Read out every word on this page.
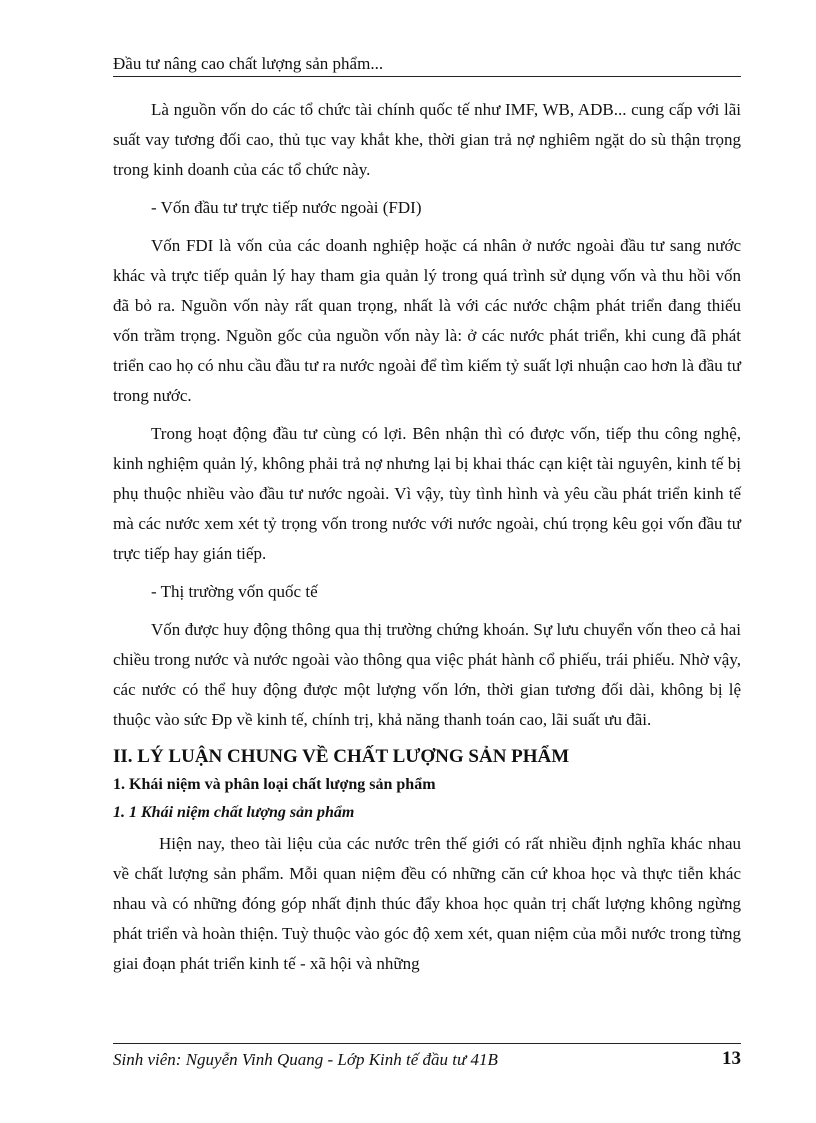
Đầu tư nâng cao chất lượng sản phẩm...

Là nguồn vốn do các tổ chức tài chính quốc tế như IMF, WB, ADB... cung cấp với lãi suất vay tương đối cao, thủ tục vay khắt khe, thời gian trả nợ nghiêm ngặt do sù thận trọng trong kinh doanh của các tổ chức này.

- Vốn đầu tư trực tiếp nước ngoài (FDI)

Vốn FDI là vốn của các doanh nghiệp hoặc cá nhân ở nước ngoài đầu tư sang nước khác và trực tiếp quản lý hay tham gia quản lý trong quá trình sử dụng vốn và thu hồi vốn đã bỏ ra. Nguồn vốn này rất quan trọng, nhất là với các nước chậm phát triển đang thiếu vốn trầm trọng. Nguồn gốc của nguồn vốn này là: ở các nước phát triển, khi cung đã phát triển cao họ có nhu cầu đầu tư ra nước ngoài để tìm kiếm tỷ suất lợi nhuận cao hơn là đầu tư trong nước.

Trong hoạt động đầu tư cùng có lợi. Bên nhận thì có được vốn, tiếp thu công nghệ, kinh nghiệm quản lý, không phải trả nợ nhưng lại bị khai thác cạn kiệt tài nguyên, kinh tế bị phụ thuộc nhiều vào đầu tư nước ngoài. Vì vậy, tùy tình hình và yêu cầu phát triển kinh tế mà các nước xem xét tỷ trọng vốn trong nước với nước ngoài, chú trọng kêu gọi vốn đầu tư trực tiếp hay gián tiếp.

- Thị trường vốn quốc tế

Vốn được huy động thông qua thị trường chứng khoán. Sự lưu chuyển vốn theo cả hai chiều trong nước và nước ngoài vào thông qua việc phát hành cổ phiếu, trái phiếu. Nhờ vậy, các nước có thể huy động được một lượng vốn lớn, thời gian tương đối dài, không bị lệ thuộc vào sức Đp về kinh tế, chính trị, khả năng thanh toán cao, lãi suất ưu đãi.

II. LÝ LUẬN CHUNG VỀ CHẤT LƯỢNG SẢN PHẨM
1. Khái niệm và phân loại chất lượng sản phẩm
1. 1 Khái niệm chất lượng sản phẩm

Hiện nay, theo tài liệu của các nước trên thế giới có rất nhiều định nghĩa khác nhau về chất lượng sản phẩm. Mỗi quan niệm đều có những căn cứ khoa học và thực tiễn khác nhau và có những đóng góp nhất định thúc đẩy khoa học quản trị chất lượng không ngừng phát triển và hoàn thiện. Tuỳ thuộc vào góc độ xem xét, quan niệm của mỗi nước trong từng giai đoạn phát triển kinh tế - xã hội và những

Sinh viên: Nguyễn Vinh Quang - Lớp Kinh tế đầu tư 41B	13
